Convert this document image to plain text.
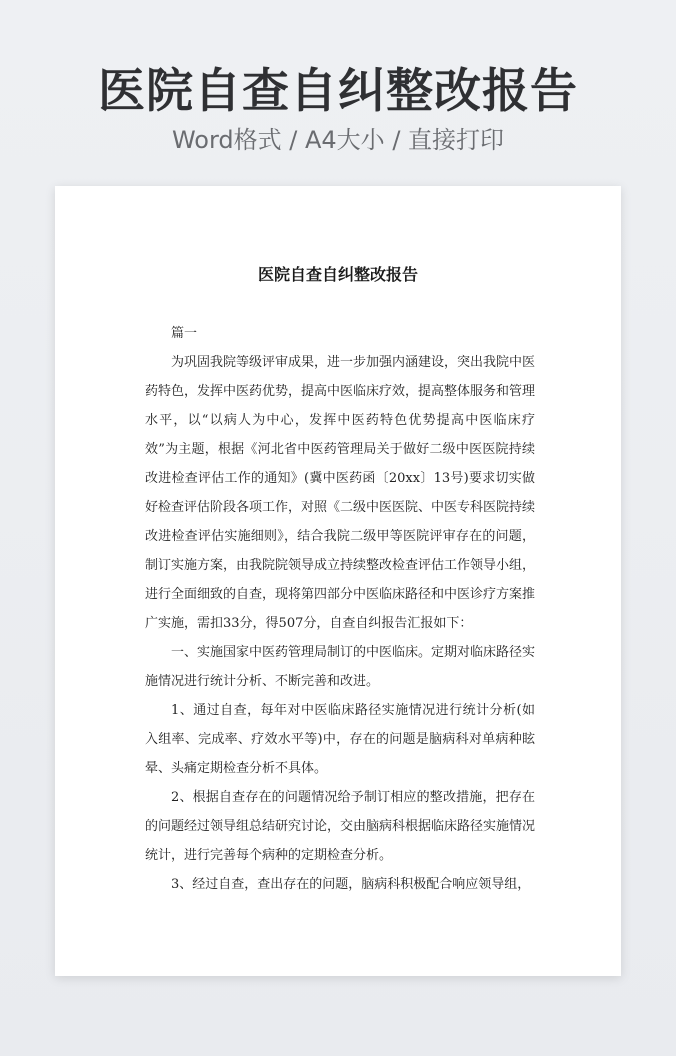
医院自查自纠整改报告
Word格式 / A4大小 / 直接打印
医院自查自纠整改报告

篇一

为巩固我院等级评审成果，进一步加强内涵建设，突出我院中医药特色，发挥中医药优势，提高中医临床疗效，提高整体服务和管理水平，以“以病人为中心，发挥中医药特色优势提高中医临床疗效”为主题，根据《河北省中医药管理局关于做好二级中医医院持续改进检查评估工作的通知》(冀中医药函〔20xx〕13号)要求切实做好检查评估阶段各项工作，对照《二级中医医院、中医专科医院持续改进检查评估实施细则》，结合我院二级甲等医院评审存在的问题，制订实施方案，由我院院领导成立持续整改检查评估工作领导小组，进行全面细致的自查，现将第四部分中医临床路径和中医诊疗方案推广实施，需扣33分，得507分，自查自纠报告汇报如下：

一、实施国家中医药管理局制订的中医临床。定期对临床路径实施情况进行统计分析、不断完善和改进。

1、通过自查，每年对中医临床路径实施情况进行统计分析(如入组率、完成率、疗效水平等)中，存在的问题是脑病科对单病种眩晕、头痛定期检查分析不具体。

2、根据自查存在的问题情况给予制订相应的整改措施，把存在的问题经过领导组总结研究讨论，交由脑病科根据临床路径实施情况统计，进行完善每个病种的定期检查分析。

3、经过自查，查出存在的问题，脑病科积极配合响应领导组，
